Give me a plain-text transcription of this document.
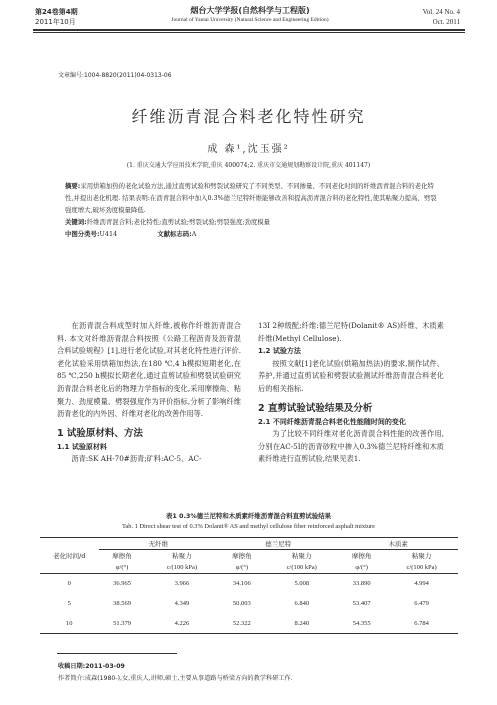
第24卷第4期
2011年10月
烟台大学学报(自然科学与工程版)
Journal of Yantai University (Natural Science and Engineering Edition)
Vol. 24 No. 4
Oct. 2011
文章编号:1004-8820(2011)04-0313-06
纤维沥青混合料老化特性研究
成 森¹,沈玉强²
(1. 重庆交通大学应用技术学院,重庆 400074;2. 重庆市交通规划勘察设计院,重庆 401147)
摘要:采用烘箱加热的老化试验方法,通过直剪试验和劈裂试验研究了不同类型、不同掺量、不同老化时间的纤维沥青混合料的老化特性,并提出老化机理. 结果表明:在沥青混合料中加入0.3%德兰尼特纤维能够改善和提高沥青混合料的老化特性,使其粘聚力提高、劈裂强度增大,破坏劲度模量降低.
关键词:纤维沥青混合料;老化特性;直剪试验;劈裂试验;劈裂强度;劲度模量
中图分类号:U414	文献标志码:A

在沥青混合料成型时加入纤维,被称作纤维沥青混合料. 本文对纤维沥青混合料按照《公路工程沥青及沥青混合料试验规程》[1],进行老化试验,对其老化特性进行评价. 老化试验采用烘箱加热法,在180 ℃,4 h模拟短期老化,在85 ℃,250 h模拟长期老化,通过直剪试验和劈裂试验研究沥青混合料老化后的物理力学指标的变化,采用摩擦角、粘聚力、劲度模量、劈裂强度作为评价指标,分析了影响纤维沥青老化的内外因、纤维对老化的改善作用等.

1 试验原材料、方法
1.1 试验原材料

沥青:SK AH-70#沥青;矿料:AC-5、AC-

13I 2种级配;纤维:德兰尼特(Dolanit® AS)纤维、木质素纤维(Methyl Cellulose).

1.2 试验方法

按照文献[1]老化试验(烘箱加热法)的要求,制作试件、养护,并通过直剪试验和劈裂试验测试纤维沥青混合料老化后的相关指标.

2 直剪试验试验结果及分析
2.1 不同纤维沥青混合料老化性能随时间的变化

为了比较不同纤维对老化沥青混合料性能的改善作用,分别在AC-5I的沥青砂粒中掺入0.3%德兰尼特纤维和木质素纤维进行直剪试验,结果见表1.

表1 0.3%德兰尼特和木质素纤维沥青混合料直剪试验结果
Tab. 1 Direct shear test of 0.3% Dolanit® AS and methyl cellulose fiber reinforced asphalt mixture
老化时间/d	无纤维		德兰尼特		木质素	
	摩擦角	粘聚力	摩擦角	粘聚力	摩擦角	粘聚力
	φ/(°)	c/(100 kPa)	φ/(°)	c/(100 kPa)	φ/(°)	c/(100 kPa)
0	36.965	3.966	34.106	5.008	33.890	4.994
5	38.569	4.349	50.003	6.840	53.407	6.479
10	51.379	4.226	52.322	8.240	54.355	6.784
收稿日期:2011-03-09
作者简介:成森(1980-),女,重庆人,讲师,硕士,主要从事道路与桥梁方向的教学科研工作.
